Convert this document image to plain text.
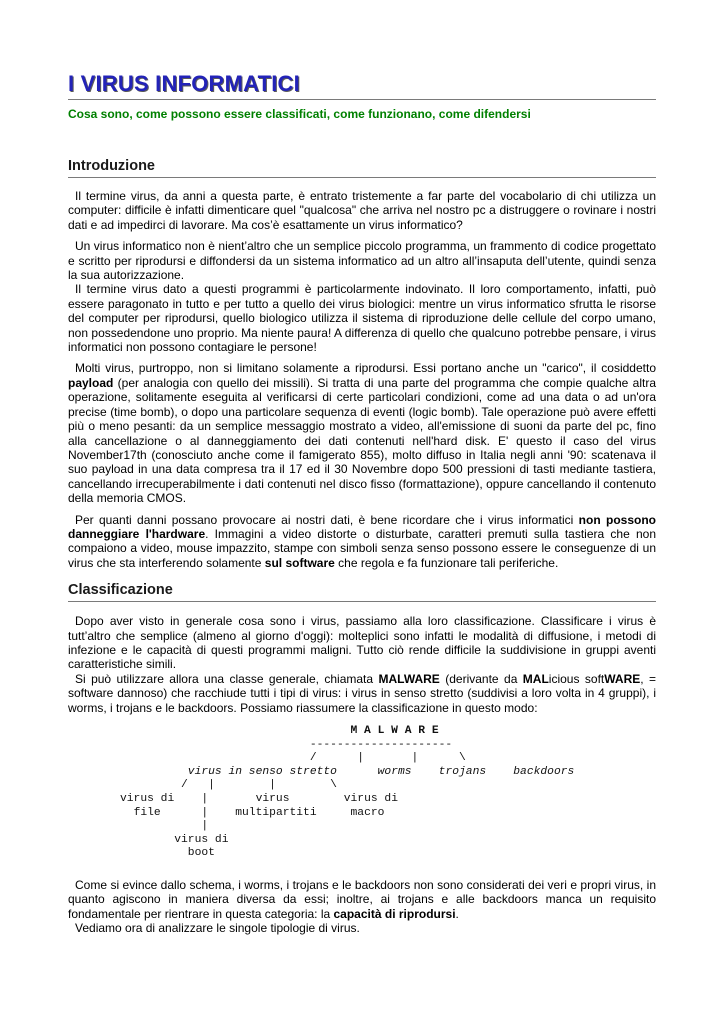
I VIRUS INFORMATICI
Cosa sono, come possono essere classificati, come funzionano, come difendersi
Introduzione

Il termine virus, da anni a questa parte, è entrato tristemente a far parte del vocabolario di chi utilizza un computer: difficile è infatti dimenticare quel "qualcosa" che arriva nel nostro pc a distruggere o rovinare i nostri dati e ad impedirci di lavorare. Ma cos’è esattamente un virus informatico?

Un virus informatico non è nient’altro che un semplice piccolo programma, un frammento di codice progettato e scritto per riprodursi e diffondersi da un sistema informatico ad un altro all’insaputa dell’utente, quindi senza la sua autorizzazione.

Il termine virus dato a questi programmi è particolarmente indovinato. Il loro comportamento, infatti, può essere paragonato in tutto e per tutto a quello dei virus biologici: mentre un virus informatico sfrutta le risorse del computer per riprodursi, quello biologico utilizza il sistema di riproduzione delle cellule del corpo umano, non possedendone uno proprio. Ma niente paura! A differenza di quello che qualcuno potrebbe pensare, i virus informatici non possono contagiare le persone!

Molti virus, purtroppo, non si limitano solamente a riprodursi. Essi portano anche un "carico", il cosiddetto payload (per analogia con quello dei missili). Si tratta di una parte del programma che compie qualche altra operazione, solitamente eseguita al verificarsi di certe particolari condizioni, come ad una data o ad un'ora precise (time bomb), o dopo una particolare sequenza di eventi (logic bomb). Tale operazione può avere effetti più o meno pesanti: da un semplice messaggio mostrato a video, all'emissione di suoni da parte del pc, fino alla cancellazione o al danneggiamento dei dati contenuti nell'hard disk. E' questo il caso del virus November17th (conosciuto anche come il famigerato 855), molto diffuso in Italia negli anni '90: scatenava il suo payload in una data compresa tra il 17 ed il 30 Novembre dopo 500 pressioni di tasti mediante tastiera, cancellando irrecuperabilmente i dati contenuti nel disco fisso (formattazione), oppure cancellando il contenuto della memoria CMOS.

Per quanti danni possano provocare ai nostri dati, è bene ricordare che i virus informatici non possono danneggiare l'hardware. Immagini a video distorte o disturbate, caratteri premuti sulla tastiera che non compaiono a video, mouse impazzito, stampe con simboli senza senso possono essere le conseguenze di un virus che sta interferendo solamente sul software che regola e fa funzionare tali periferiche.

Classificazione

Dopo aver visto in generale cosa sono i virus, passiamo alla loro classificazione. Classificare i virus è tutt’altro che semplice (almeno al giorno d'oggi): molteplici sono infatti le modalità di diffusione, i metodi di infezione e le capacità di questi programmi maligni. Tutto ciò rende difficile la suddivisione in gruppi aventi caratteristiche simili.

Si può utilizzare allora una classe generale, chiamata MALWARE (derivante da MALicious softWARE, = software dannoso) che racchiude tutti i tipi di virus: i virus in senso stretto (suddivisi a loro volta in 4 gruppi), i worms, i trojans e le backdoors. Possiamo riassumere la classificazione in questo modo:

M A L W A R E
---------------------
/      |       |      \
virus in senso stretto	worms trojans backdoors
/   |        |        \
virus di    |       virus	virus di
file      |    multipartiti	macro
|
virus di
boot

Come si evince dallo schema, i worms, i trojans e le backdoors non sono considerati dei veri e propri virus, in quanto agiscono in maniera diversa da essi; inoltre, ai trojans e alle backdoors manca un requisito fondamentale per rientrare in questa categoria: la capacità di riprodursi.

Vediamo ora di analizzare le singole tipologie di virus.
